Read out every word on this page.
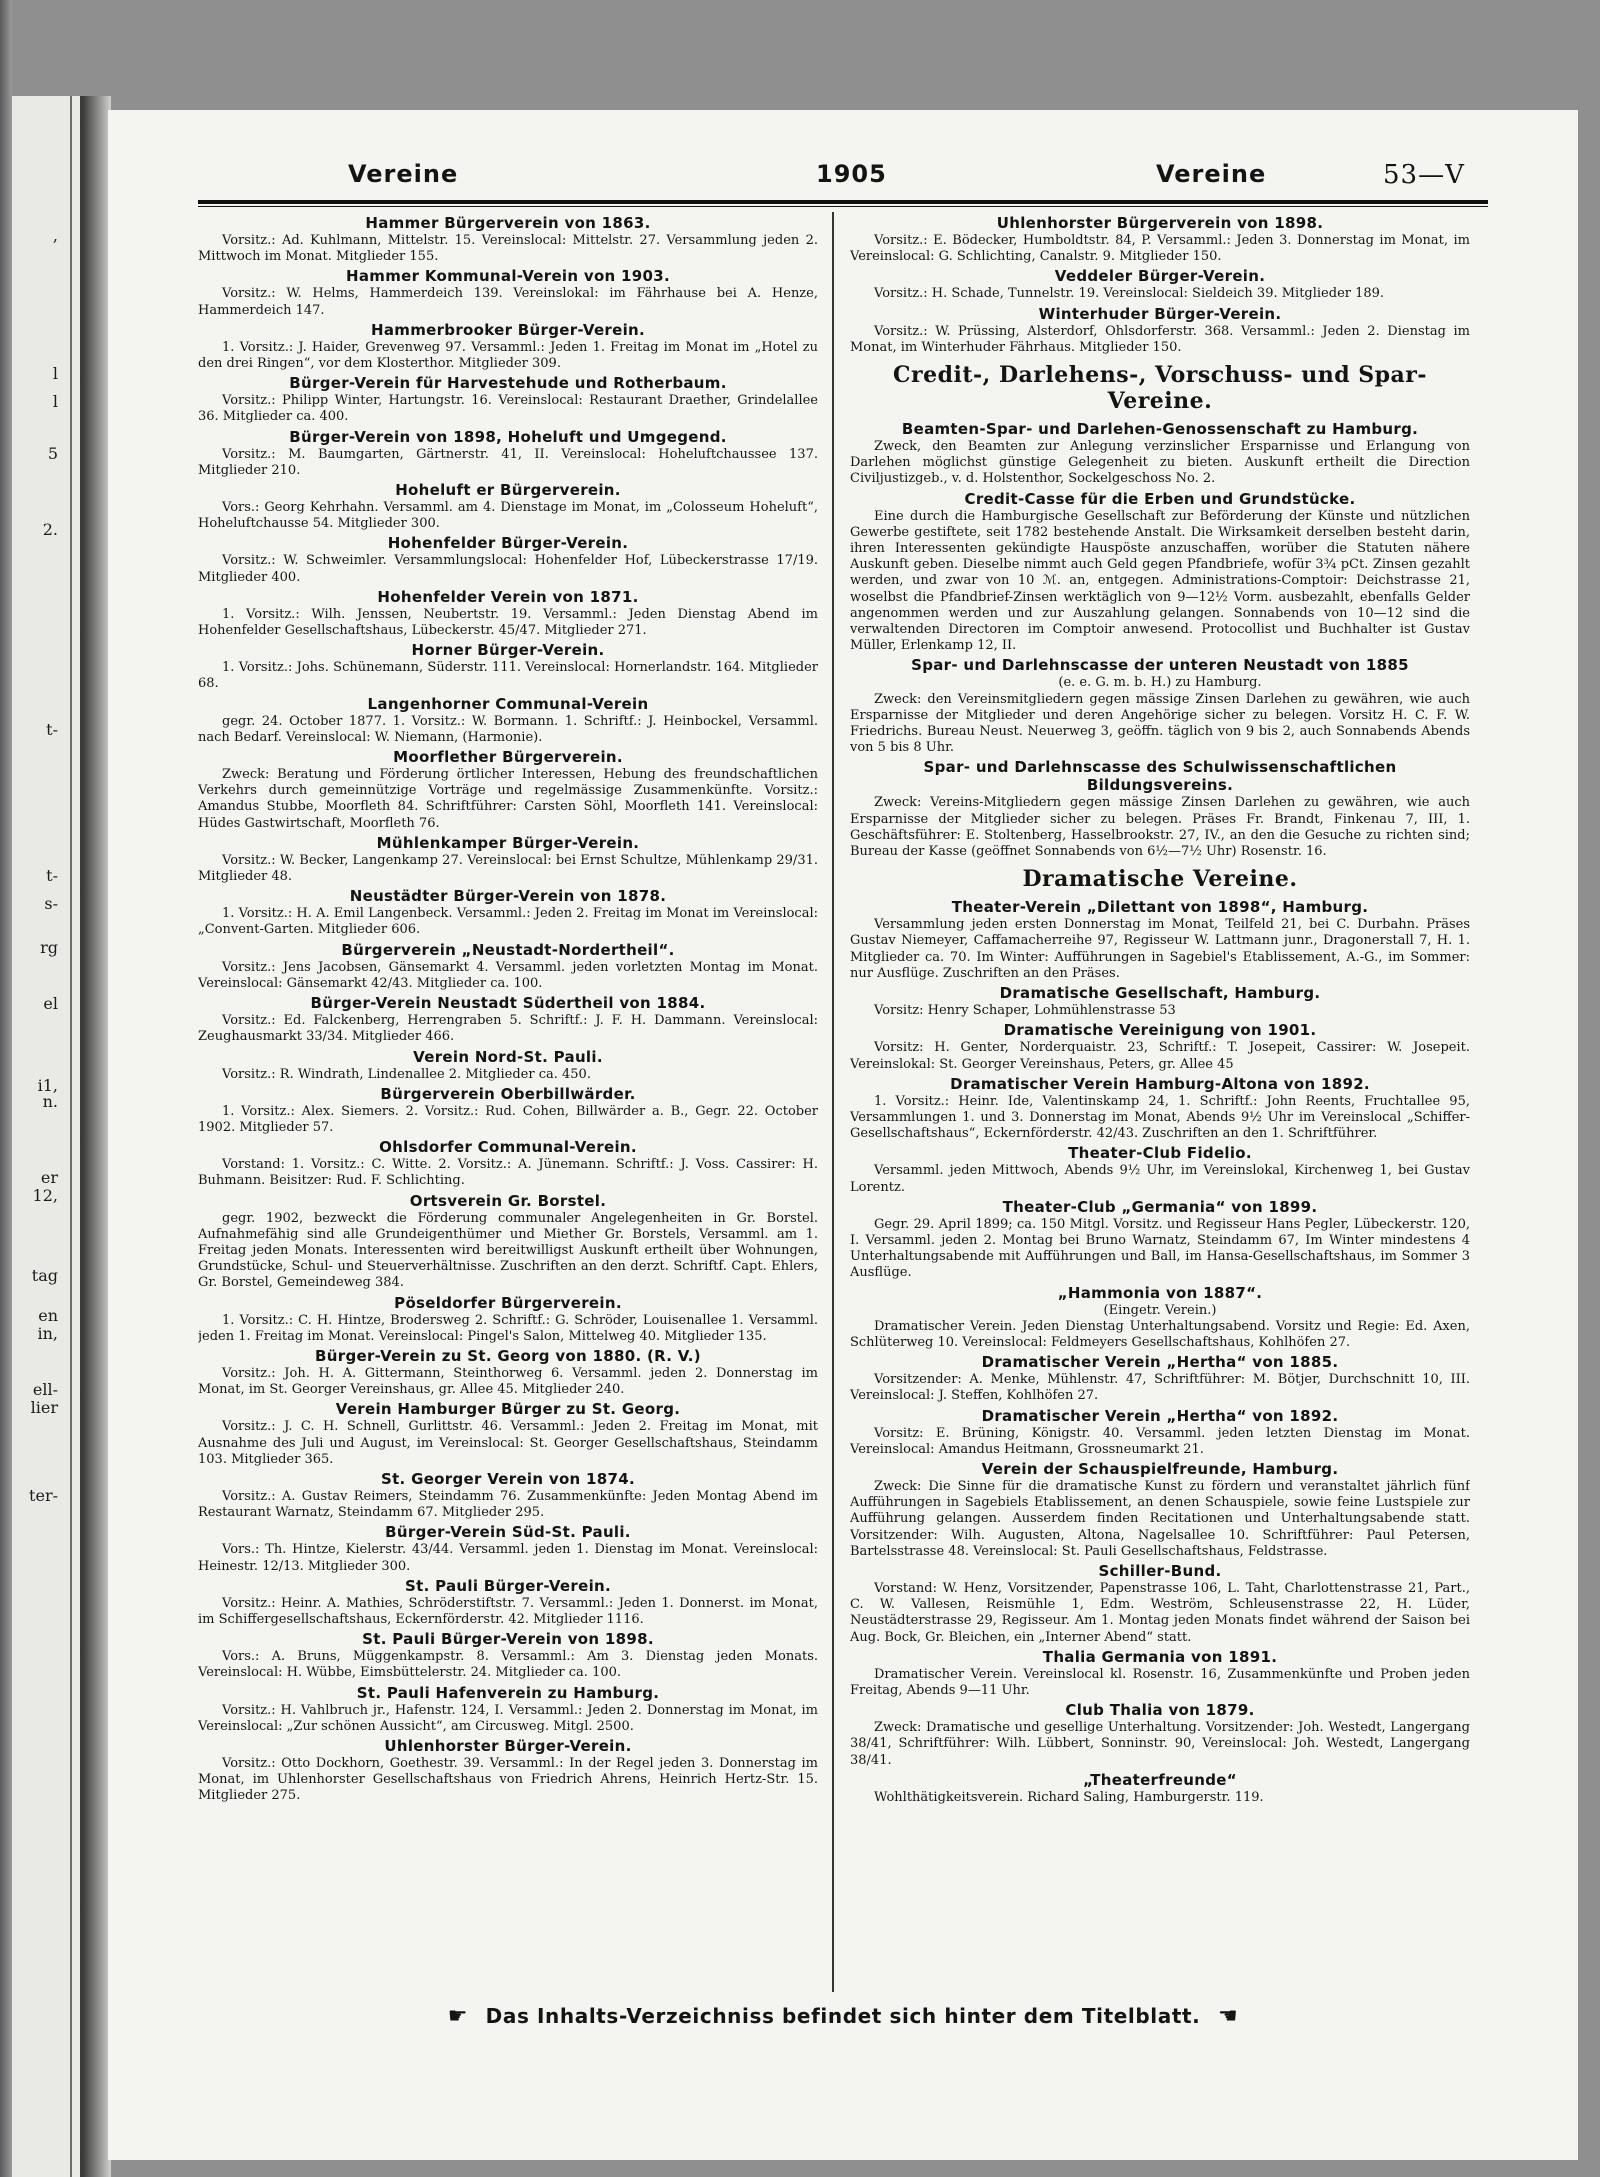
,
l
l
5
2.
t-
t-
s-
rg
el
i1,
n.
er
12,
tag
en
in,
ell-
lier
ter-
Vereine	1905	Vereine	53—V
Hammer Bürgerverein von 1863.

Vorsitz.: Ad. Kuhlmann, Mittelstr. 15. Vereinslocal: Mittelstr. 27. Versammlung jeden 2. Mittwoch im Monat. Mitglieder 155.

Hammer Kommunal-Verein von 1903.

Vorsitz.: W. Helms, Hammerdeich 139. Vereinslokal: im Fährhause bei A. Henze, Hammerdeich 147.

Hammerbrooker Bürger-Verein.

1. Vorsitz.: J. Haider, Grevenweg 97. Versamml.: Jeden 1. Freitag im Monat im „Hotel zu den drei Ringen“, vor dem Klosterthor. Mitglieder 309.

Bürger-Verein für Harvestehude und Rotherbaum.

Vorsitz.: Philipp Winter, Hartungstr. 16. Vereinslocal: Restaurant Draether, Grindelallee 36. Mitglieder ca. 400.

Bürger-Verein von 1898, Hoheluft und Umgegend.

Vorsitz.: M. Baumgarten, Gärtnerstr. 41, II. Vereinslocal: Hoheluftchaussee 137. Mitglieder 210.

Hoheluft er Bürgerverein.

Vors.: Georg Kehrhahn. Versamml. am 4. Dienstage im Monat, im „Colosseum Hoheluft“, Hoheluftchausse 54. Mitglieder 300.

Hohenfelder Bürger-Verein.

Vorsitz.: W. Schweimler. Versammlungslocal: Hohenfelder Hof, Lübeckerstrasse 17/19. Mitglieder 400.

Hohenfelder Verein von 1871.

1. Vorsitz.: Wilh. Jenssen, Neubertstr. 19. Versamml.: Jeden Dienstag Abend im Hohenfelder Gesellschaftshaus, Lübeckerstr. 45/47. Mitglieder 271.

Horner Bürger-Verein.

1. Vorsitz.: Johs. Schünemann, Süderstr. 111. Vereinslocal: Hornerlandstr. 164. Mitglieder 68.

Langenhorner Communal-Verein

gegr. 24. October 1877. 1. Vorsitz.: W. Bormann. 1. Schriftf.: J. Heinbockel, Versamml. nach Bedarf. Vereinslocal: W. Niemann, (Harmonie).

Moorflether Bürgerverein.

Zweck: Beratung und Förderung örtlicher Interessen, Hebung des freundschaftlichen Verkehrs durch gemeinnützige Vorträge und regelmässige Zusammenkünfte. Vorsitz.: Amandus Stubbe, Moorfleth 84. Schriftführer: Carsten Söhl, Moorfleth 141. Vereinslocal: Hüdes Gastwirtschaft, Moorfleth 76.

Mühlenkamper Bürger-Verein.

Vorsitz.: W. Becker, Langenkamp 27. Vereinslocal: bei Ernst Schultze, Mühlenkamp 29/31. Mitglieder 48.

Neustädter Bürger-Verein von 1878.

1. Vorsitz.: H. A. Emil Langenbeck. Versamml.: Jeden 2. Freitag im Monat im Vereinslocal: „Convent-Garten. Mitglieder 606.

Bürgerverein „Neustadt-Nordertheil“.

Vorsitz.: Jens Jacobsen, Gänsemarkt 4. Versamml. jeden vorletzten Montag im Monat. Vereinslocal: Gänsemarkt 42/43. Mitglieder ca. 100.

Bürger-Verein Neustadt Südertheil von 1884.

Vorsitz.: Ed. Falckenberg, Herrengraben 5. Schriftf.: J. F. H. Dammann. Vereinslocal: Zeughausmarkt 33/34. Mitglieder 466.

Verein Nord-St. Pauli.

Vorsitz.: R. Windrath, Lindenallee 2. Mitglieder ca. 450.

Bürgerverein Oberbillwärder.

1. Vorsitz.: Alex. Siemers. 2. Vorsitz.: Rud. Cohen, Billwärder a. B., Gegr. 22. October 1902. Mitglieder 57.

Ohlsdorfer Communal-Verein.

Vorstand: 1. Vorsitz.: C. Witte. 2. Vorsitz.: A. Jünemann. Schriftf.: J. Voss. Cassirer: H. Buhmann. Beisitzer: Rud. F. Schlichting.

Ortsverein Gr. Borstel.

gegr. 1902, bezweckt die Förderung communaler Angelegenheiten in Gr. Borstel. Aufnahmefähig sind alle Grundeigenthümer und Miether Gr. Borstels, Versamml. am 1. Freitag jeden Monats. Interessenten wird bereitwilligst Auskunft ertheilt über Wohnungen, Grundstücke, Schul- und Steuerverhältnisse. Zuschriften an den derzt. Schriftf. Capt. Ehlers, Gr. Borstel, Gemeindeweg 384.

Pöseldorfer Bürgerverein.

1. Vorsitz.: C. H. Hintze, Brodersweg 2. Schriftf.: G. Schröder, Louisenallee 1. Versamml. jeden 1. Freitag im Monat. Vereinslocal: Pingel's Salon, Mittelweg 40. Mitglieder 135.

Bürger-Verein zu St. Georg von 1880. (R. V.)

Vorsitz.: Joh. H. A. Gittermann, Steinthorweg 6. Versamml. jeden 2. Donnerstag im Monat, im St. Georger Vereinshaus, gr. Allee 45. Mitglieder 240.

Verein Hamburger Bürger zu St. Georg.

Vorsitz.: J. C. H. Schnell, Gurlittstr. 46. Versamml.: Jeden 2. Freitag im Monat, mit Ausnahme des Juli und August, im Vereinslocal: St. Georger Gesellschaftshaus, Steindamm 103. Mitglieder 365.

St. Georger Verein von 1874.

Vorsitz.: A. Gustav Reimers, Steindamm 76. Zusammenkünfte: Jeden Montag Abend im Restaurant Warnatz, Steindamm 67. Mitglieder 295.

Bürger-Verein Süd-St. Pauli.

Vors.: Th. Hintze, Kielerstr. 43/44. Versamml. jeden 1. Dienstag im Monat. Vereinslocal: Heinestr. 12/13. Mitglieder 300.

St. Pauli Bürger-Verein.

Vorsitz.: Heinr. A. Mathies, Schröderstiftstr. 7. Versamml.: Jeden 1. Donnerst. im Monat, im Schiffergesellschaftshaus, Eckernförderstr. 42. Mitglieder 1116.

St. Pauli Bürger-Verein von 1898.

Vors.: A. Bruns, Müggenkampstr. 8. Versamml.: Am 3. Dienstag jeden Monats. Vereinslocal: H. Wübbe, Eimsbüttelerstr. 24. Mitglieder ca. 100.

St. Pauli Hafenverein zu Hamburg.

Vorsitz.: H. Vahlbruch jr., Hafenstr. 124, I. Versamml.: Jeden 2. Donnerstag im Monat, im Vereinslocal: „Zur schönen Aussicht“, am Circusweg. Mitgl. 2500.

Uhlenhorster Bürger-Verein.

Vorsitz.: Otto Dockhorn, Goethestr. 39. Versamml.: In der Regel jeden 3. Donnerstag im Monat, im Uhlenhorster Gesellschaftshaus von Friedrich Ahrens, Heinrich Hertz-Str. 15. Mitglieder 275.

Uhlenhorster Bürgerverein von 1898.

Vorsitz.: E. Bödecker, Humboldtstr. 84, P. Versamml.: Jeden 3. Donnerstag im Monat, im Vereinslocal: G. Schlichting, Canalstr. 9. Mitglieder 150.

Veddeler Bürger-Verein.

Vorsitz.: H. Schade, Tunnelstr. 19. Vereinslocal: Sieldeich 39. Mitglieder 189.

Winterhuder Bürger-Verein.

Vorsitz.: W. Prüssing, Alsterdorf, Ohlsdorferstr. 368. Versamml.: Jeden 2. Dienstag im Monat, im Winterhuder Fährhaus. Mitglieder 150.

Credit-, Darlehens-, Vorschuss- und Spar-Vereine.
Beamten-Spar- und Darlehen-Genossenschaft zu Hamburg.

Zweck, den Beamten zur Anlegung verzinslicher Ersparnisse und Erlangung von Darlehen möglichst günstige Gelegenheit zu bieten. Auskunft ertheilt die Direction Civiljustizgeb., v. d. Holstenthor, Sockelgeschoss No. 2.

Credit-Casse für die Erben und Grundstücke.

Eine durch die Hamburgische Gesellschaft zur Beförderung der Künste und nützlichen Gewerbe gestiftete, seit 1782 bestehende Anstalt. Die Wirksamkeit derselben besteht darin, ihren Interessenten gekündigte Hauspöste anzuschaffen, worüber die Statuten nähere Auskunft geben. Dieselbe nimmt auch Geld gegen Pfandbriefe, wofür 3¾ pCt. Zinsen gezahlt werden, und zwar von 10 ℳ. an, entgegen. Administrations-Comptoir: Deichstrasse 21, woselbst die Pfandbrief-Zinsen werktäglich von 9—12½ Vorm. ausbezahlt, ebenfalls Gelder angenommen werden und zur Auszahlung gelangen. Sonnabends von 10—12 sind die verwaltenden Directoren im Comptoir anwesend. Protocollist und Buchhalter ist Gustav Müller, Erlenkamp 12, II.

Spar- und Darlehnscasse der unteren Neustadt von 1885
(e. e. G. m. b. H.) zu Hamburg.

Zweck: den Vereinsmitgliedern gegen mässige Zinsen Darlehen zu gewähren, wie auch Ersparnisse der Mitglieder und deren Angehörige sicher zu belegen. Vorsitz H. C. F. W. Friedrichs. Bureau Neust. Neuerweg 3, geöffn. täglich von 9 bis 2, auch Sonnabends Abends von 5 bis 8 Uhr.

Spar- und Darlehnscasse des Schulwissenschaftlichen Bildungsvereins.

Zweck: Vereins-Mitgliedern gegen mässige Zinsen Darlehen zu gewähren, wie auch Ersparnisse der Mitglieder sicher zu belegen. Präses Fr. Brandt, Finkenau 7, III, 1. Geschäftsführer: E. Stoltenberg, Hasselbrookstr. 27, IV., an den die Gesuche zu richten sind; Bureau der Kasse (geöffnet Sonnabends von 6½—7½ Uhr) Rosenstr. 16.

Dramatische Vereine.
Theater-Verein „Dilettant von 1898“, Hamburg.

Versammlung jeden ersten Donnerstag im Monat, Teilfeld 21, bei C. Durbahn. Präses Gustav Niemeyer, Caffamacherreihe 97, Regisseur W. Lattmann junr., Dragonerstall 7, H. 1. Mitglieder ca. 70. Im Winter: Aufführungen in Sagebiel's Etablissement, A.-G., im Sommer: nur Ausflüge. Zuschriften an den Präses.

Dramatische Gesellschaft, Hamburg.

Vorsitz: Henry Schaper, Lohmühlenstrasse 53

Dramatische Vereinigung von 1901.

Vorsitz: H. Genter, Norderquaistr. 23, Schriftf.: T. Josepeit, Cassirer: W. Josepeit. Vereinslokal: St. Georger Vereinshaus, Peters, gr. Allee 45

Dramatischer Verein Hamburg-Altona von 1892.

1. Vorsitz.: Heinr. Ide, Valentinskamp 24, 1. Schriftf.: John Reents, Fruchtallee 95, Versammlungen 1. und 3. Donnerstag im Monat, Abends 9½ Uhr im Vereinslocal „Schiffer-Gesellschaftshaus“, Eckernförderstr. 42/43. Zuschriften an den 1. Schriftführer.

Theater-Club Fidelio.

Versamml. jeden Mittwoch, Abends 9½ Uhr, im Vereinslokal, Kirchenweg 1, bei Gustav Lorentz.

Theater-Club „Germania“ von 1899.

Gegr. 29. April 1899; ca. 150 Mitgl. Vorsitz. und Regisseur Hans Pegler, Lübeckerstr. 120, I. Versamml. jeden 2. Montag bei Bruno Warnatz, Steindamm 67, Im Winter mindestens 4 Unterhaltungsabende mit Aufführungen und Ball, im Hansa-Gesellschaftshaus, im Sommer 3 Ausflüge.

„Hammonia von 1887“.
(Eingetr. Verein.)

Dramatischer Verein. Jeden Dienstag Unterhaltungsabend. Vorsitz und Regie: Ed. Axen, Schlüterweg 10. Vereinslocal: Feldmeyers Gesellschaftshaus, Kohlhöfen 27.

Dramatischer Verein „Hertha“ von 1885.

Vorsitzender: A. Menke, Mühlenstr. 47, Schriftführer: M. Bötjer, Durchschnitt 10, III. Vereinslocal: J. Steffen, Kohlhöfen 27.

Dramatischer Verein „Hertha“ von 1892.

Vorsitz: E. Brüning, Königstr. 40. Versamml. jeden letzten Dienstag im Monat. Vereinslocal: Amandus Heitmann, Grossneumarkt 21.

Verein der Schauspielfreunde, Hamburg.

Zweck: Die Sinne für die dramatische Kunst zu fördern und veranstaltet jährlich fünf Aufführungen in Sagebiels Etablissement, an denen Schauspiele, sowie feine Lustspiele zur Aufführung gelangen. Ausserdem finden Recitationen und Unterhaltungsabende statt. Vorsitzender: Wilh. Augusten, Altona, Nagelsallee 10. Schriftführer: Paul Petersen, Bartelsstrasse 48. Vereinslocal: St. Pauli Gesellschaftshaus, Feldstrasse.

Schiller-Bund.

Vorstand: W. Henz, Vorsitzender, Papenstrasse 106, L. Taht, Charlottenstrasse 21, Part., C. W. Vallesen, Reismühle 1, Edm. Weström, Schleusenstrasse 22, H. Lüder, Neustädterstrasse 29, Regisseur. Am 1. Montag jeden Monats findet während der Saison bei Aug. Bock, Gr. Bleichen, ein „Interner Abend“ statt.

Thalia Germania von 1891.

Dramatischer Verein. Vereinslocal kl. Rosenstr. 16, Zusammenkünfte und Proben jeden Freitag, Abends 9—11 Uhr.

Club Thalia von 1879.

Zweck: Dramatische und gesellige Unterhaltung. Vorsitzender: Joh. Westedt, Langergang 38/41, Schriftführer: Wilh. Lübbert, Sonninstr. 90, Vereinslocal: Joh. Westedt, Langergang 38/41.

„Theaterfreunde“

Wohlthätigkeitsverein. Richard Saling, Hamburgerstr. 119.

☛ Das Inhalts-Verzeichniss befindet sich hinter dem Titelblatt. ☚
